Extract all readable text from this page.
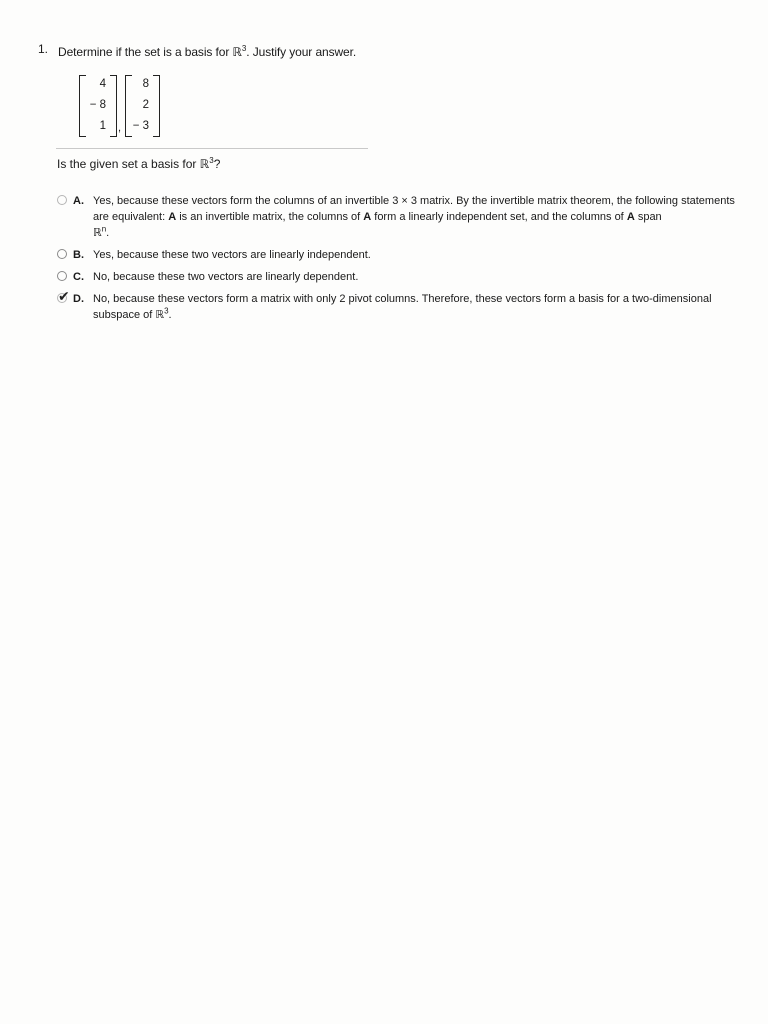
1. Determine if the set is a basis for ℝ$^3$. Justify your answer.
4
− 8
1 ,
8
2
− 3
Is the given set a basis for ℝ$^3$?
A. Yes, because these vectors form the columns of an invertible 3 × 3 matrix. By the invertible matrix theorem, the following statements are equivalent: A is an invertible matrix, the columns of A form a linearly independent set, and the columns of A span
ℝ$^n$.
B. Yes, because these two vectors are linearly independent.
C. No, because these two vectors are linearly dependent.
✔ D. No, because these vectors form a matrix with only 2 pivot columns. Therefore, these vectors form a basis for a two-dimensional subspace of ℝ$^3$.
